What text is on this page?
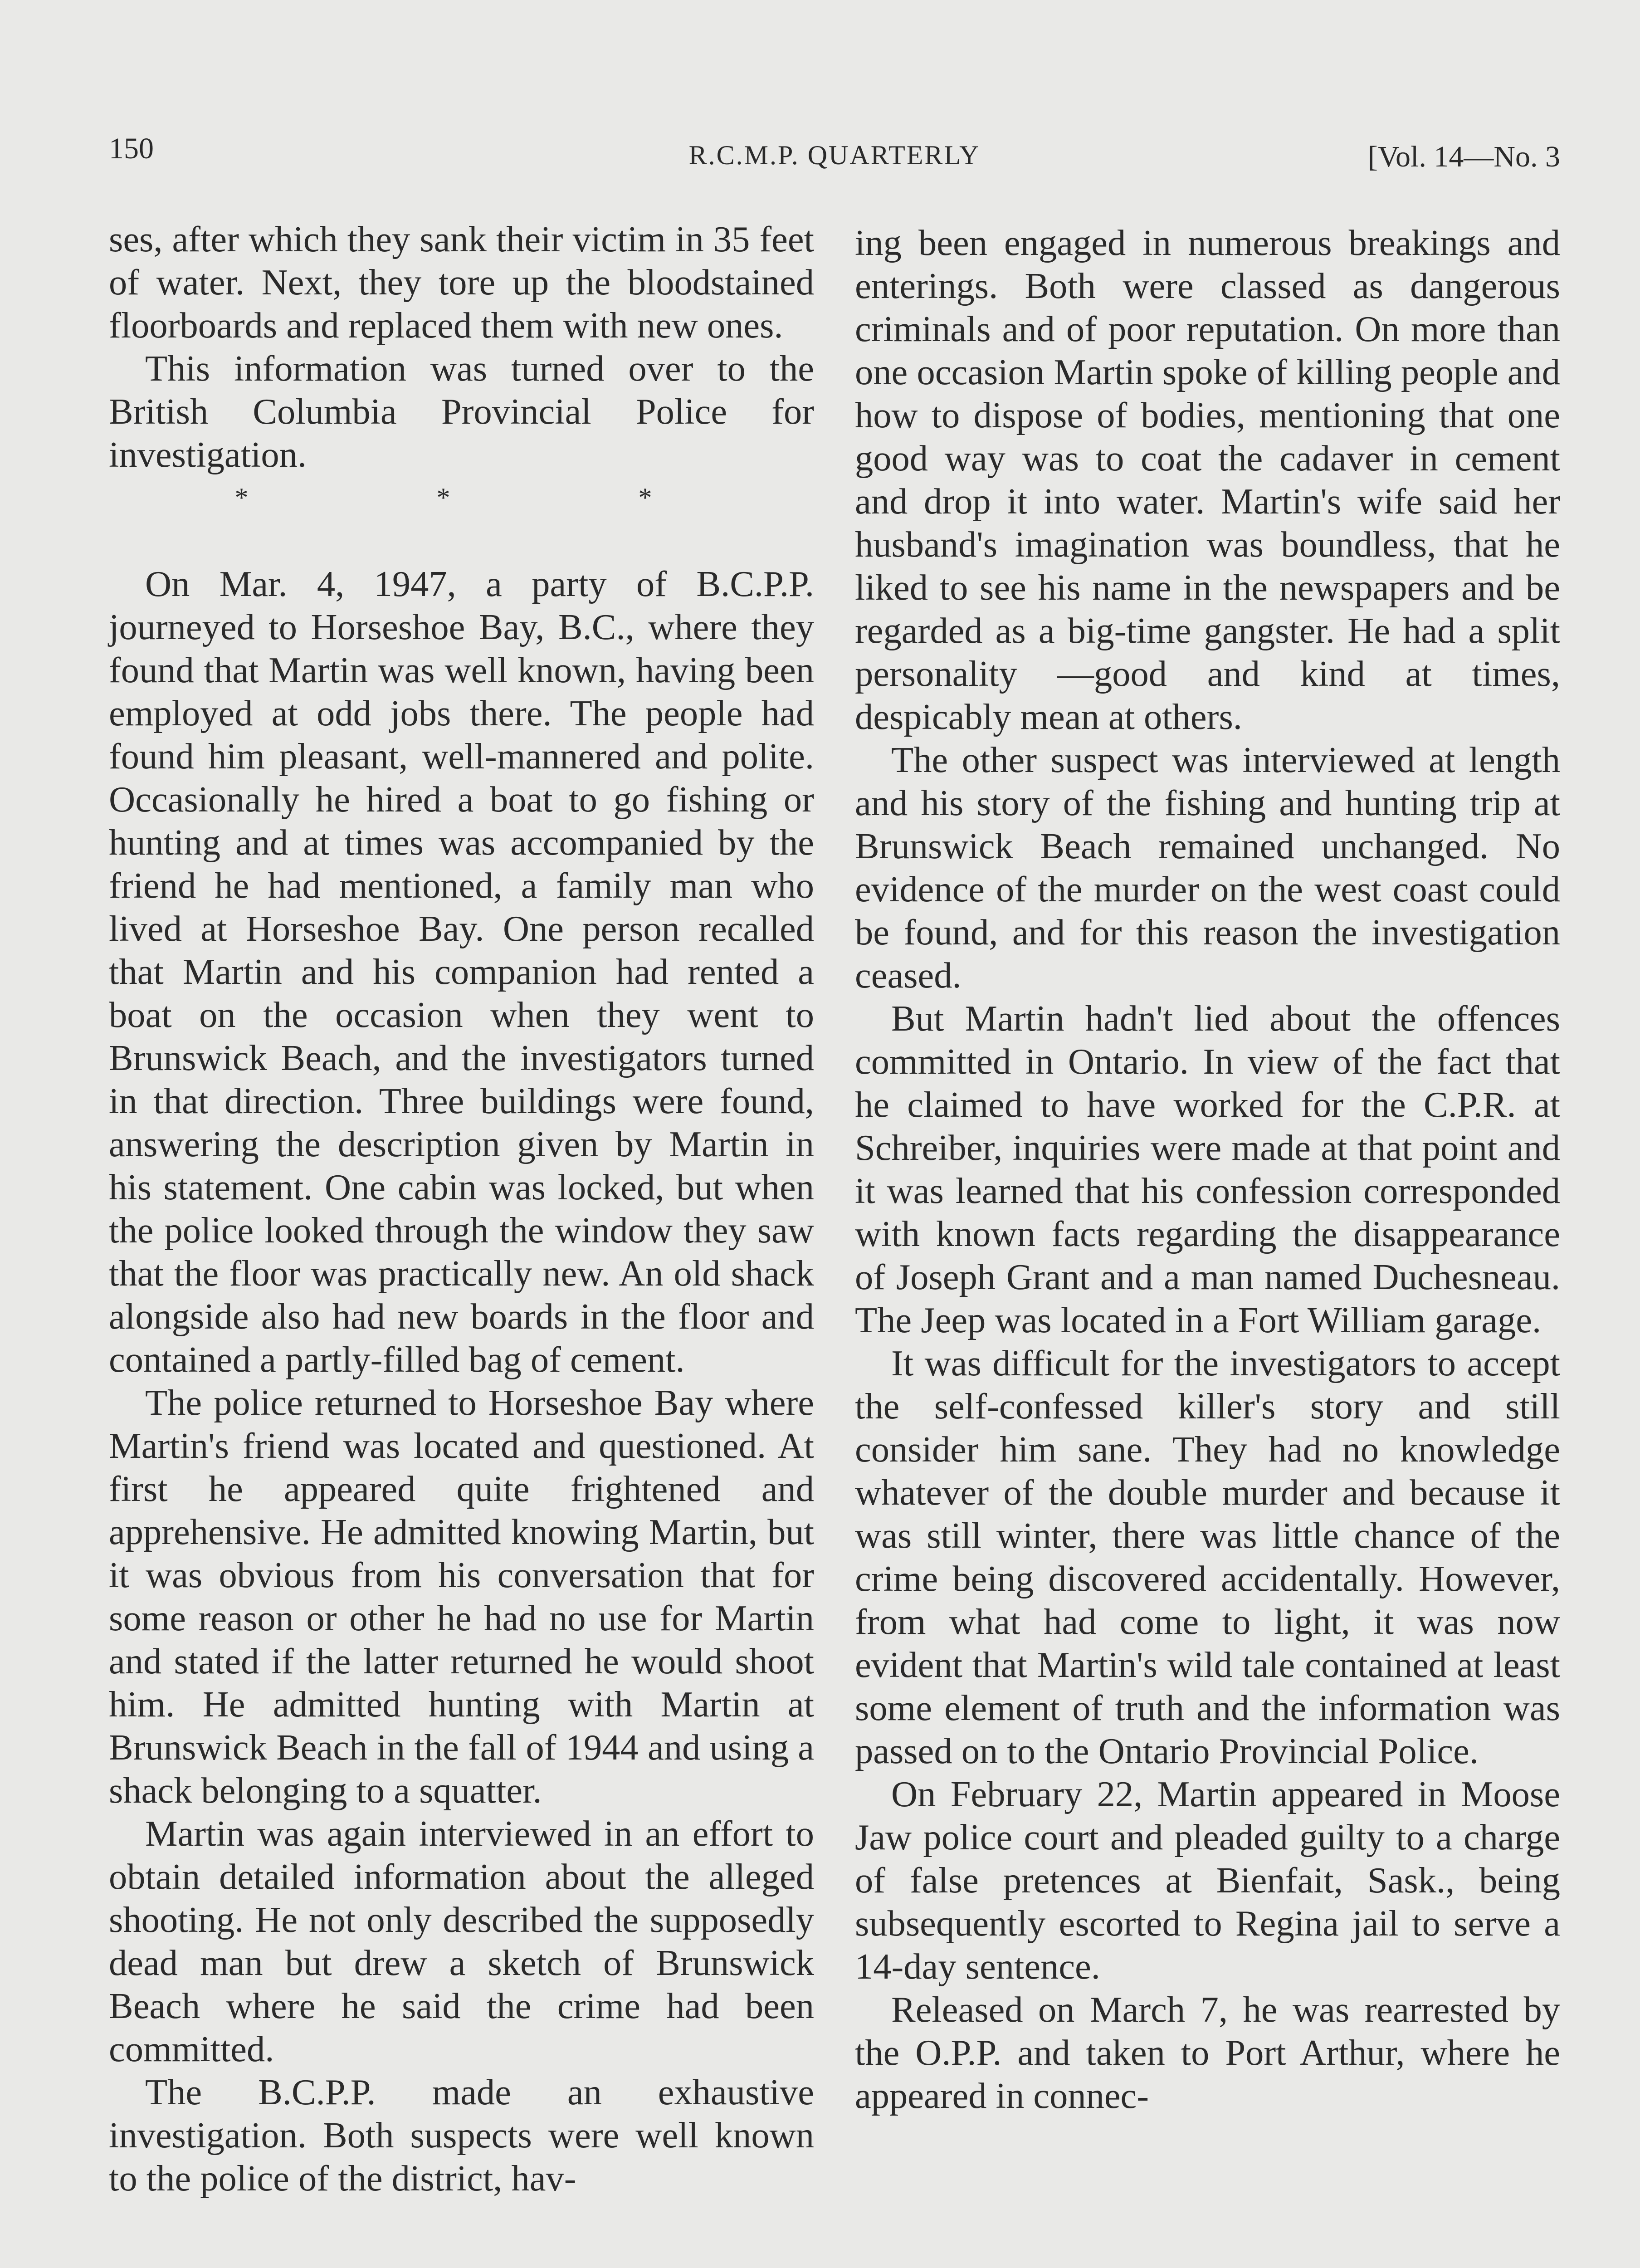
150	R.C.M.P. QUARTERLY	[Vol. 14—No. 3

ses, after which they sank their victim in 35 feet of water. Next, they tore up the bloodstained floorboards and replaced them with new ones.

This information was turned over to the British Columbia Provincial Police for investigation.

* * *

On Mar. 4, 1947, a party of B.C.P.P. journeyed to Horseshoe Bay, B.C., where they found that Martin was well known, having been employed at odd jobs there. The people had found him pleasant, well-mannered and polite. Occasionally he hired a boat to go fishing or hunting and at times was accompanied by the friend he had mentioned, a family man who lived at Horseshoe Bay. One person recalled that Martin and his companion had rented a boat on the occasion when they went to Brunswick Beach, and the investigators turned in that direction. Three buildings were found, answering the description given by Martin in his statement. One cabin was locked, but when the police looked through the window they saw that the floor was practically new. An old shack alongside also had new boards in the floor and contained a partly-filled bag of cement.

The police returned to Horseshoe Bay where Martin's friend was located and questioned. At first he appeared quite frightened and apprehensive. He admitted knowing Martin, but it was obvious from his conversation that for some reason or other he had no use for Martin and stated if the latter returned he would shoot him. He admitted hunting with Martin at Brunswick Beach in the fall of 1944 and using a shack belonging to a squatter.

Martin was again interviewed in an effort to obtain detailed information about the alleged shooting. He not only described the supposedly dead man but drew a sketch of Brunswick Beach where he said the crime had been committed.

The B.C.P.P. made an exhaustive investigation. Both suspects were well known to the police of the district, hav-

ing been engaged in numerous breakings and enterings. Both were classed as dangerous criminals and of poor reputation. On more than one occasion Martin spoke of killing people and how to dispose of bodies, mentioning that one good way was to coat the cadaver in cement and drop it into water. Martin's wife said her husband's imagination was boundless, that he liked to see his name in the newspapers and be regarded as a big-time gangster. He had a split personality —good and kind at times, despicably mean at others.

The other suspect was interviewed at length and his story of the fishing and hunting trip at Brunswick Beach remained unchanged. No evidence of the murder on the west coast could be found, and for this reason the investigation ceased.

But Martin hadn't lied about the offences committed in Ontario. In view of the fact that he claimed to have worked for the C.P.R. at Schreiber, inquiries were made at that point and it was learned that his confession corresponded with known facts regarding the disappearance of Joseph Grant and a man named Duchesneau. The Jeep was located in a Fort William garage.

It was difficult for the investigators to accept the self-confessed killer's story and still consider him sane. They had no knowledge whatever of the double murder and because it was still winter, there was little chance of the crime being discovered accidentally. However, from what had come to light, it was now evident that Martin's wild tale contained at least some element of truth and the information was passed on to the Ontario Provincial Police.

On February 22, Martin appeared in Moose Jaw police court and pleaded guilty to a charge of false pretences at Bienfait, Sask., being subsequently escorted to Regina jail to serve a 14-day sentence.

Released on March 7, he was rearrested by the O.P.P. and taken to Port Arthur, where he appeared in connec-
